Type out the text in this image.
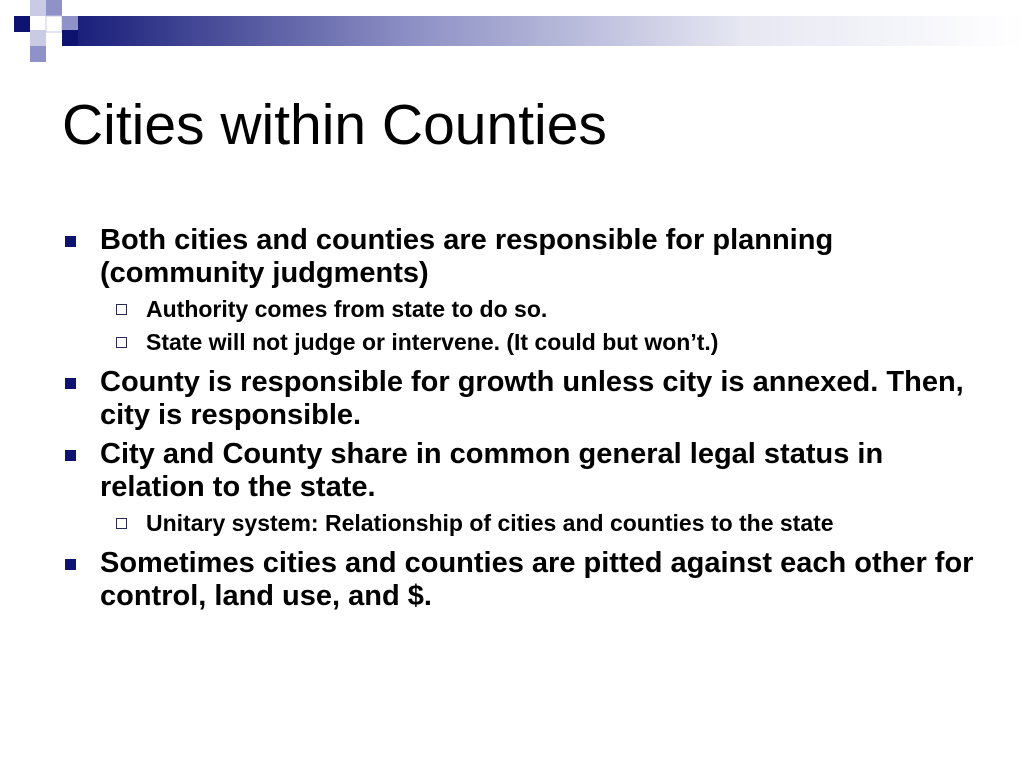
Cities within Counties
Both cities and counties are responsible for planning (community judgments)
Authority comes from state to do so.
State will not judge or intervene. (It could but won’t.)
County is responsible for growth unless city is annexed. Then, city is responsible.
City and County share in common general legal status in relation to the state.
Unitary system: Relationship of cities and counties to the state
Sometimes cities and counties are pitted against each other for control, land use, and $.
